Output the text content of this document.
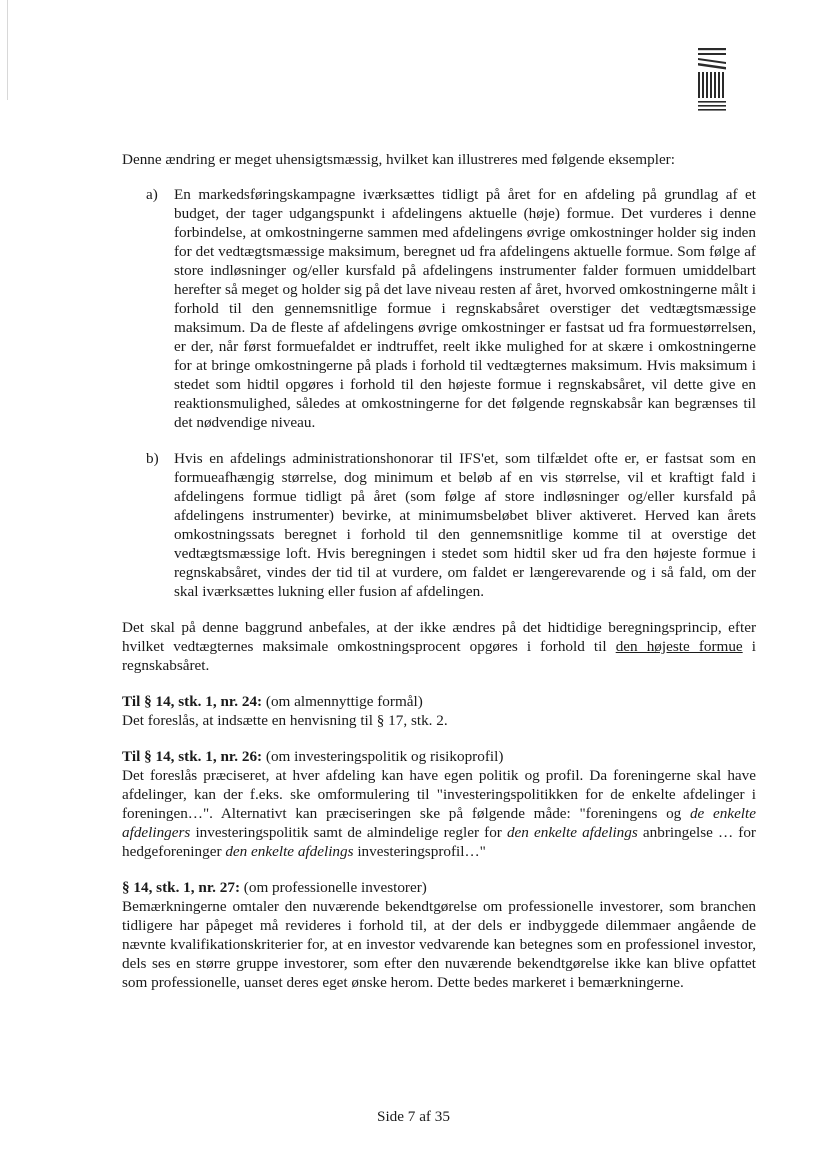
Denne ændring er meget uhensigtsmæssig, hvilket kan illustreres med følgende eksempler:

a) En markedsføringskampagne iværksættes tidligt på året for en afdeling på grundlag af et budget, der tager udgangspunkt i afdelingens aktuelle (høje) formue. Det vurderes i denne forbindelse, at omkostningerne sammen med afdelingens øvrige omkostninger holder sig inden for det vedtægtsmæssige maksimum, beregnet ud fra afdelingens aktuelle formue. Som følge af store indløsninger og/eller kursfald på afdelingens instrumenter falder formuen umiddelbart herefter så meget og holder sig på det lave niveau resten af året, hvorved omkostningerne målt i forhold til den gennemsnitlige formue i regnskabsåret overstiger det vedtægtsmæssige maksimum. Da de fleste af afdelingens øvrige omkostninger er fastsat ud fra formuestørrelsen, er der, når først formuefaldet er indtruffet, reelt ikke mulighed for at skære i omkostningerne for at bringe omkostningerne på plads i forhold til vedtægternes maksimum. Hvis maksimum i stedet som hidtil opgøres i forhold til den højeste formue i regnskabsåret, vil dette give en reaktionsmulighed, således at omkostningerne for det følgende regnskabsår kan begrænses til det nødvendige niveau.

b) Hvis en afdelings administrationshonorar til IFS'et, som tilfældet ofte er, er fastsat som en formueafhængig størrelse, dog minimum et beløb af en vis størrelse, vil et kraftigt fald i afdelingens formue tidligt på året (som følge af store indløsninger og/eller kursfald på afdelingens instrumenter) bevirke, at minimumsbeløbet bliver aktiveret. Herved kan årets omkostningssats beregnet i forhold til den gennemsnitlige komme til at overstige det vedtægtsmæssige loft. Hvis beregningen i stedet som hidtil sker ud fra den højeste formue i regnskabsåret, vindes der tid til at vurdere, om faldet er længerevarende og i så fald, om der skal iværksættes lukning eller fusion af afdelingen.

Det skal på denne baggrund anbefales, at der ikke ændres på det hidtidige beregningsprincip, efter hvilket vedtægternes maksimale omkostningsprocent opgøres i forhold til den højeste formue i regnskabsåret.

Til § 14, stk. 1, nr. 24: (om almennyttige formål)
Det foreslås, at indsætte en henvisning til § 17, stk. 2.

Til § 14, stk. 1, nr. 26: (om investeringspolitik og risikoprofil)
Det foreslås præciseret, at hver afdeling kan have egen politik og profil. Da foreningerne skal have afdelinger, kan der f.eks. ske omformulering til "investeringspolitikken for de enkelte afdelinger i foreningen…". Alternativt kan præciseringen ske på følgende måde: "foreningens og de enkelte afdelingers investeringspolitik samt de almindelige regler for den enkelte afdelings anbringelse … for hedgeforeninger den enkelte afdelings investeringsprofil…"

§ 14, stk. 1, nr. 27: (om professionelle investorer)
Bemærkningerne omtaler den nuværende bekendtgørelse om professionelle investorer, som branchen tidligere har påpeget må revideres i forhold til, at der dels er indbyggede dilemmaer angående de nævnte kvalifikationskriterier for, at en investor vedvarende kan betegnes som en professionel investor, dels ses en større gruppe investorer, som efter den nuværende bekendtgørelse ikke kan blive opfattet som professionelle, uanset deres eget ønske herom. Dette bedes markeret i bemærkningerne.

Side 7 af 35
